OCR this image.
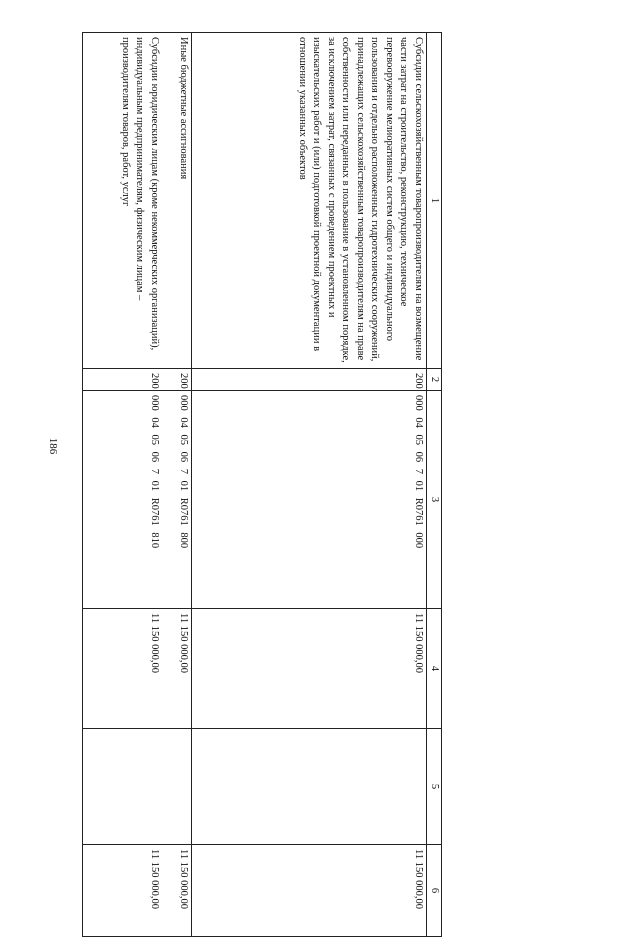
186
1	2	3	4	5	6
Субсидии сельскохозяйственным товаропроизводителям на возмещение части затрат на строительство, реконструкцию, техническое перевооружение мелиоративных систем общего и индивидуального пользования и отдельно расположенных гидротехнических сооружений, принадлежащих сельскохозяйственным товаропроизводителям на праве собственности или переданных в пользование в установленном порядке, за исключением затрат, связанных с проведением проектных и изыскательских работ и (или) подготовкой проектной документации в отношении указанных объектов	200	000 04 05 06 7 01 R0761 000	11 150 000,00		11 150 000,00
Иные бюджетные ассигнования	200	000 04 05 06 7 01 R0761 800	11 150 000,00		11 150 000,00
Субсидии юридическим лицам (кроме некоммерческих организаций), индивидуальным предпринимателям, физическим лицам – производителям товаров, работ, услуг	200	000 04 05 06 7 01 R0761 810	11 150 000,00		11 150 000,00
